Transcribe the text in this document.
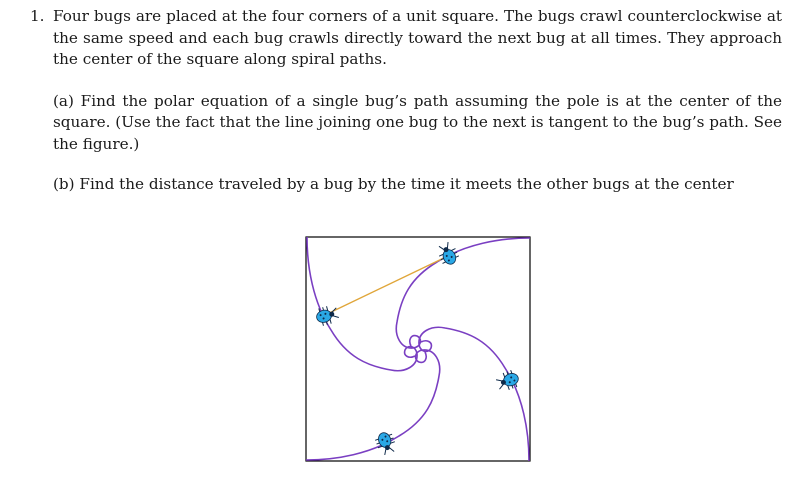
1. Four bugs are placed at the four corners of a unit square. The bugs crawl counterclockwise at the same speed and each bug crawls directly toward the next bug at all times. They approach the center of the square along spiral paths.
(a) Find the polar equation of a single bug’s path assuming the pole is at the center of the square. (Use the fact that the line joining one bug to the next is tangent to the bug’s path. See the figure.)
(b) Find the distance traveled by a bug by the time it meets the other bugs at the center
